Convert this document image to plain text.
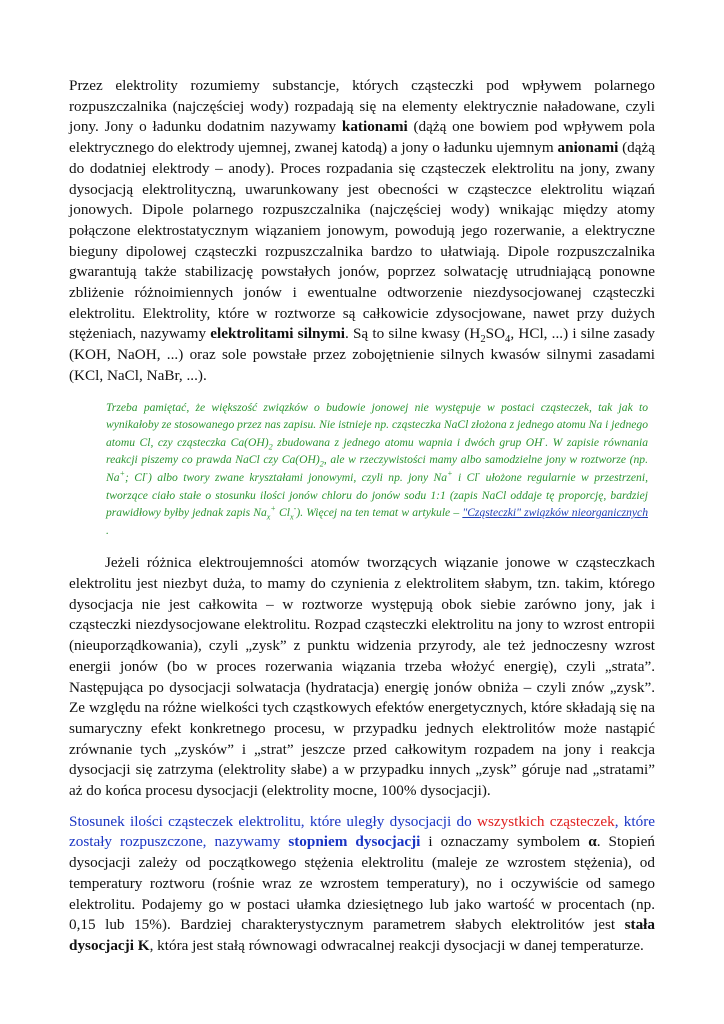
Przez elektrolity rozumiemy substancje, których cząsteczki pod wpływem polarnego rozpuszczalnika (najczęściej wody) rozpadają się na elementy elektrycznie naładowane, czyli jony. Jony o ładunku dodatnim nazywamy kationami (dążą one bowiem pod wpływem pola elektrycznego do elektrody ujemnej, zwanej katodą) a jony o ładunku ujemnym anionami (dążą do dodatniej elektrody – anody). Proces rozpadania się cząsteczek elektrolitu na jony, zwany dysocjacją elektrolityczną, uwarunkowany jest obecności w cząsteczce elektrolitu wiązań jonowych. Dipole polarnego rozpuszczalnika (najczęściej wody) wnikając między atomy połączone elektrostatycznym wiązaniem jonowym, powodują jego rozerwanie, a elektryczne bieguny dipolowej cząsteczki rozpuszczalnika bardzo to ułatwiają. Dipole rozpuszczalnika gwarantują także stabilizację powstałych jonów, poprzez solwatację utrudniającą ponowne zbliżenie różnoimiennych jonów i ewentualne odtworzenie niezdysocjowanej cząsteczki elektrolitu. Elektrolity, które w roztworze są całkowicie zdysocjowane, nawet przy dużych stężeniach, nazywamy elektrolitami silnymi. Są to silne kwasy ($H_2SO_4$, HCl, ...) i silne zasady (KOH, NaOH, ...) oraz sole powstałe przez zobojętnienie silnych kwasów silnymi zasadami (KCl, NaCl, NaBr, ...).

Trzeba pamiętać, że większość związków o budowie jonowej nie występuje w postaci cząsteczek, tak jak to wynikałoby ze stosowanego przez nas zapisu. Nie istnieje np. cząsteczka NaCl złożona z jednego atomu Na i jednego atomu Cl, czy cząsteczka $Ca(OH)_2$ zbudowana z jednego atomu wapnia i dwóch grup OH-. W zapisie równania reakcji piszemy co prawda NaCl czy $Ca(OH)_2$, ale w rzeczywistości mamy albo samodzielne jony w roztworze (np. Na+; Cl-) albo twory zwane kryształami jonowymi, czyli np. jony Na+ i Cl- ułożone regularnie w przestrzeni, tworzące ciało stałe o stosunku ilości jonów chloru do jonów sodu 1:1 (zapis NaCl oddaje tę proporcję, bardziej prawidłowy byłby jednak zapis $Na_x^+$ $Cl_x^-$). Więcej na ten temat w artykule – "Cząsteczki" związków nieorganicznych .

Jeżeli różnica elektroujemności atomów tworzących wiązanie jonowe w cząsteczkach elektrolitu jest niezbyt duża, to mamy do czynienia z elektrolitem słabym, tzn. takim, którego dysocjacja nie jest całkowita – w roztworze występują obok siebie zarówno jony, jak i cząsteczki niezdysocjowane elektrolitu. Rozpad cząsteczki elektrolitu na jony to wzrost entropii (nieuporządkowania), czyli „zysk” z punktu widzenia przyrody, ale też jednoczesny wzrost energii jonów (bo w proces rozerwania wiązania trzeba włożyć energię), czyli „strata”. Następująca po dysocjacji solwatacja (hydratacja) energię jonów obniża – czyli znów „zysk”. Ze względu na różne wielkości tych cząstkowych efektów energetycznych, które składają się na sumaryczny efekt konkretnego procesu, w przypadku jednych elektrolitów może nastąpić zrównanie tych „zysków” i „strat” jeszcze przed całkowitym rozpadem na jony i reakcja dysocjacji się zatrzyma (elektrolity słabe) a w przypadku innych „zysk” góruje nad „stratami” aż do końca procesu dysocjacji (elektrolity mocne, 100% dysocjacji).

Stosunek ilości cząsteczek elektrolitu, które uległy dysocjacji do wszystkich cząsteczek, które zostały rozpuszczone, nazywamy stopniem dysocjacji i oznaczamy symbolem α. Stopień dysocjacji zależy od początkowego stężenia elektrolitu (maleje ze wzrostem stężenia), od temperatury roztworu (rośnie wraz ze wzrostem temperatury), no i oczywiście od samego elektrolitu. Podajemy go w postaci ułamka dziesiętnego lub jako wartość w procentach (np. 0,15 lub 15%). Bardziej charakterystycznym parametrem słabych elektrolitów jest stała dysocjacji K, która jest stałą równowagi odwracalnej reakcji dysocjacji w danej temperaturze.
